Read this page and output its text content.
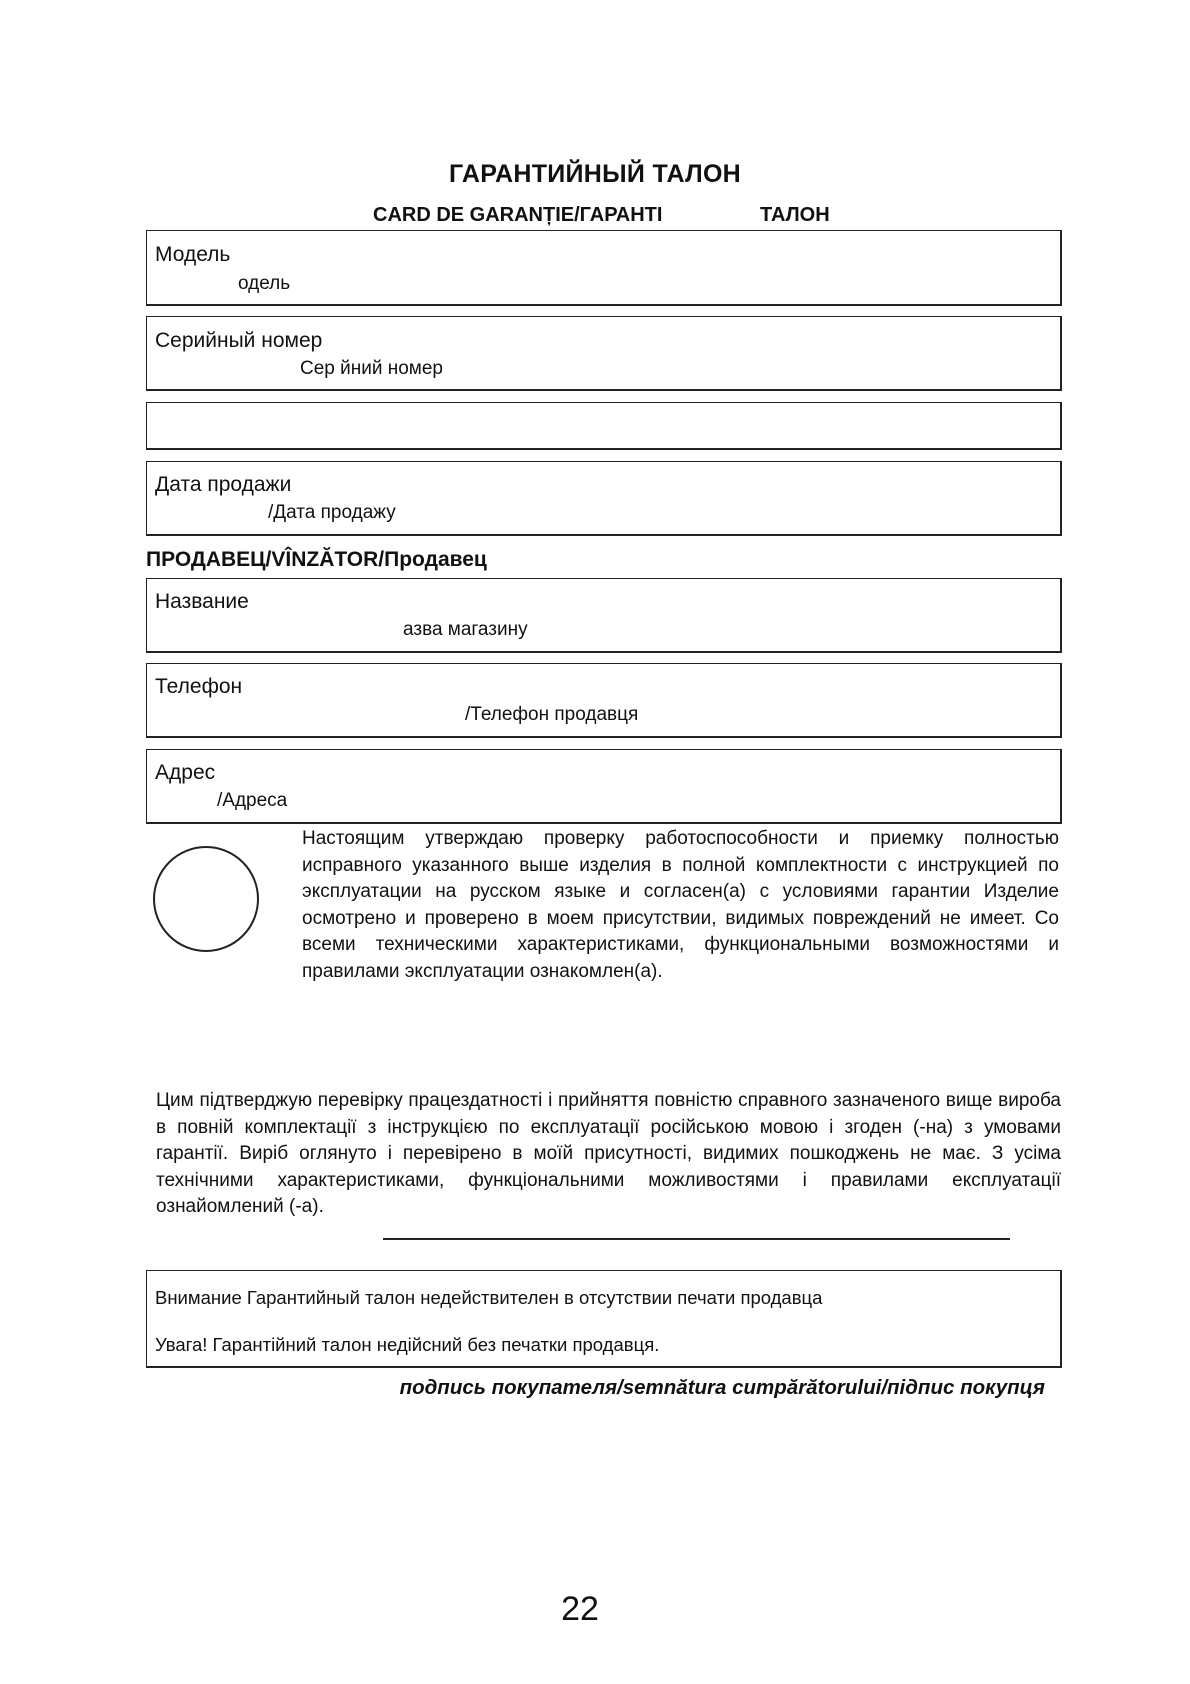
ГАРАНТИЙНЫЙ ТАЛОН
CARD DE GARANȚIE/ГАРАНТІ	ТАЛОН
Модель
одель
Серийный номер
Сер йний номер
Дата продажи
/Дата продажу
ПРОДАВЕЦ/VÎNZĂTOR/Продавец
Название
азва магазину
Телефон
/Телефон продавця
Адрес
/Адреса
Настоящим утверждаю проверку работоспособности и приемку полностью исправного указанного выше изделия в полной комплектности с инструкцией по эксплуатации на русском языке и согласен(а) с условиями гарантии Изделие осмотрено и проверено в моем присутствии, видимых повреждений не имеет. Со всеми техническими характеристиками, функциональными возможностями и правилами эксплуатации ознакомлен(а).
Цим підтверджую перевірку працездатності і прийняття повністю справного зазначеного вище вироба в повній комплектації з інструкцією по експлуатації російською мовою і згоден (-на) з умовами гарантії. Виріб оглянуто і перевірено в моїй присутності, видимих пошкоджень не має. З усіма технічними характеристиками, функціональними можливостями і правилами експлуатації ознайомлений (-а).
Внимание Гарантийный талон недействителен в отсутствии печати продавца
Увага! Гарантійний талон недійсний без печатки продавця.
подпись покупателя/semnătura cumpărătorului/підпис покупця
22
